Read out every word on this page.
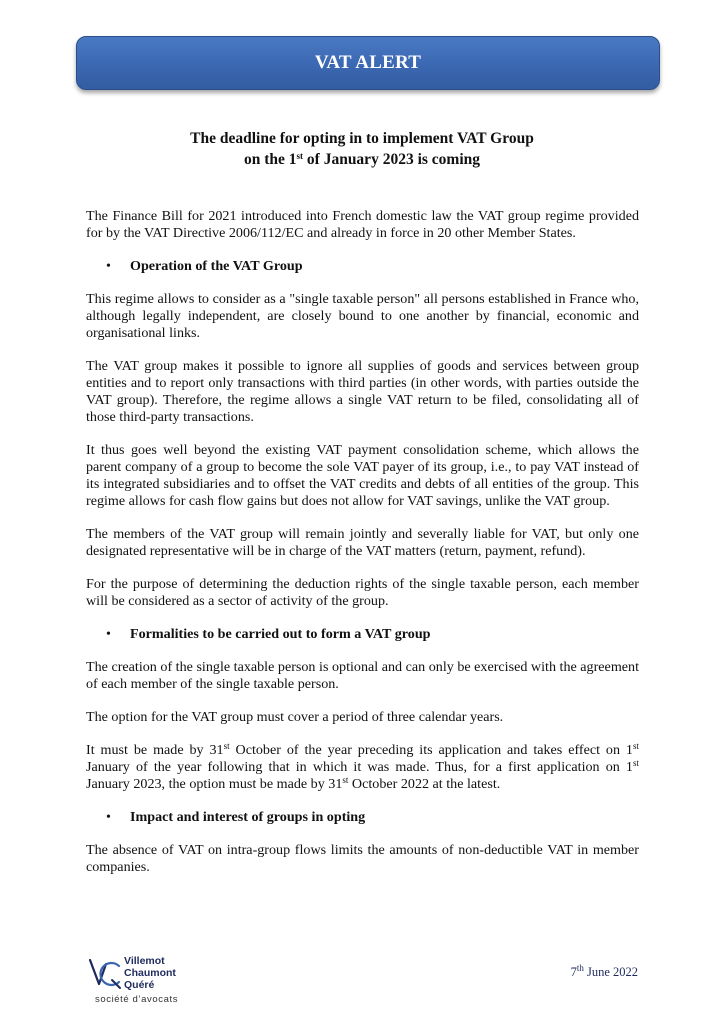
VAT ALERT
The deadline for opting in to implement VAT Group
on the 1st of January 2023 is coming

The Finance Bill for 2021 introduced into French domestic law the VAT group regime provided for by the VAT Directive 2006/112/EC and already in force in 20 other Member States.

• Operation of the VAT Group

This regime allows to consider as a "single taxable person" all persons established in France who, although legally independent, are closely bound to one another by financial, economic and organisational links.

The VAT group makes it possible to ignore all supplies of goods and services between group entities and to report only transactions with third parties (in other words, with parties outside the VAT group). Therefore, the regime allows a single VAT return to be filed, consolidating all of those third-party transactions.

It thus goes well beyond the existing VAT payment consolidation scheme, which allows the parent company of a group to become the sole VAT payer of its group, i.e., to pay VAT instead of its integrated subsidiaries and to offset the VAT credits and debts of all entities of the group. This regime allows for cash flow gains but does not allow for VAT savings, unlike the VAT group.

The members of the VAT group will remain jointly and severally liable for VAT, but only one designated representative will be in charge of the VAT matters (return, payment, refund).

For the purpose of determining the deduction rights of the single taxable person, each member will be considered as a sector of activity of the group.

• Formalities to be carried out to form a VAT group

The creation of the single taxable person is optional and can only be exercised with the agreement of each member of the single taxable person.

The option for the VAT group must cover a period of three calendar years.

It must be made by 31st October of the year preceding its application and takes effect on 1st January of the year following that in which it was made. Thus, for a first application on 1st January 2023, the option must be made by 31st October 2022 at the latest.

• Impact and interest of groups in opting

The absence of VAT on intra-group flows limits the amounts of non-deductible VAT in member companies.

Villemot
Chaumont
Quéré
société d’avocats
7th June 2022
